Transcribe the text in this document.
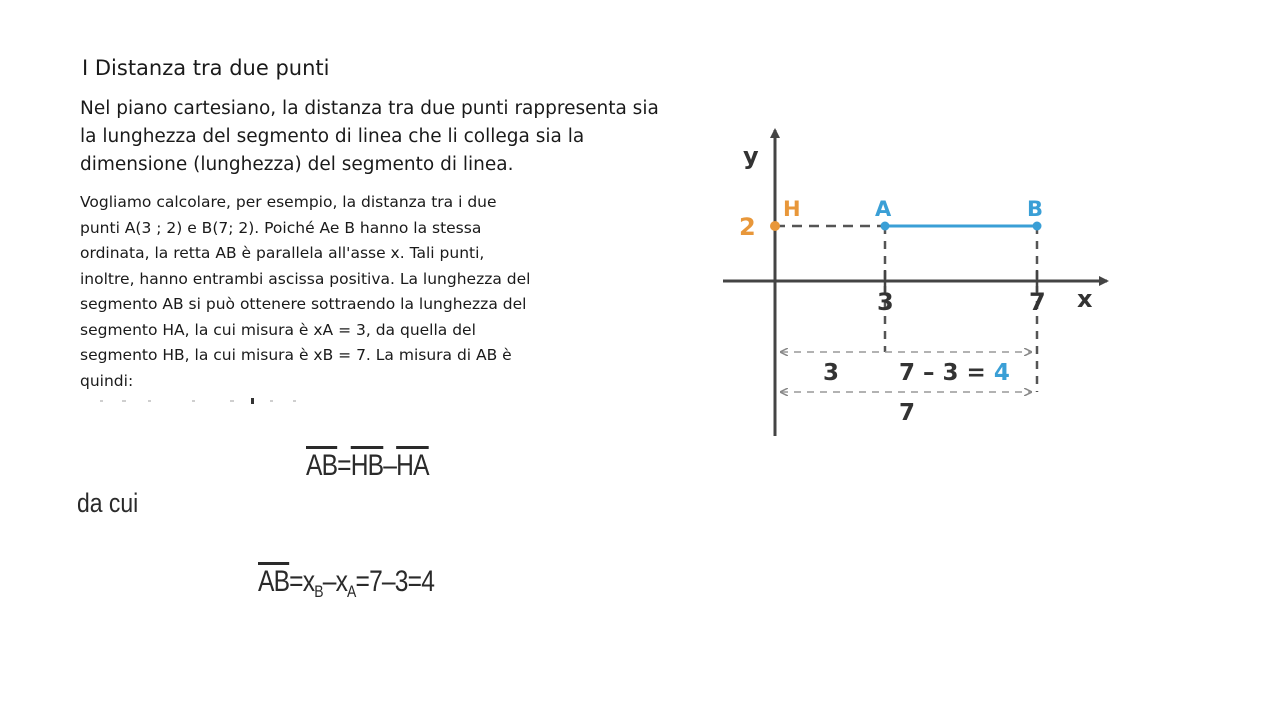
I Distanza tra due punti
Nel piano cartesiano, la distanza tra due punti rappresenta sia
la lunghezza del segmento di linea che li collega sia la
dimensione (lunghezza) del segmento di linea.
Vogliamo calcolare, per esempio, la distanza tra i due
punti A(3 ; 2) e B(7; 2). Poiché Ae B hanno la stessa
ordinata, la retta AB è parallela all'asse x. Tali punti,
inoltre, hanno entrambi ascissa positiva. La lunghezza del
segmento AB si può ottenere sottraendo la lunghezza del
segmento HA, la cui misura è xA = 3, da quella del
segmento HB, la cui misura è xB = 7. La misura di AB è
quindi:
$\overline{AB}=\overline{HB}-\overline{HA}$
da cui
$\overline{AB}=x_B-x_A=7-3=4$
y
x
2
H	A	B
3	7
3	7 – 3 = 4
7
